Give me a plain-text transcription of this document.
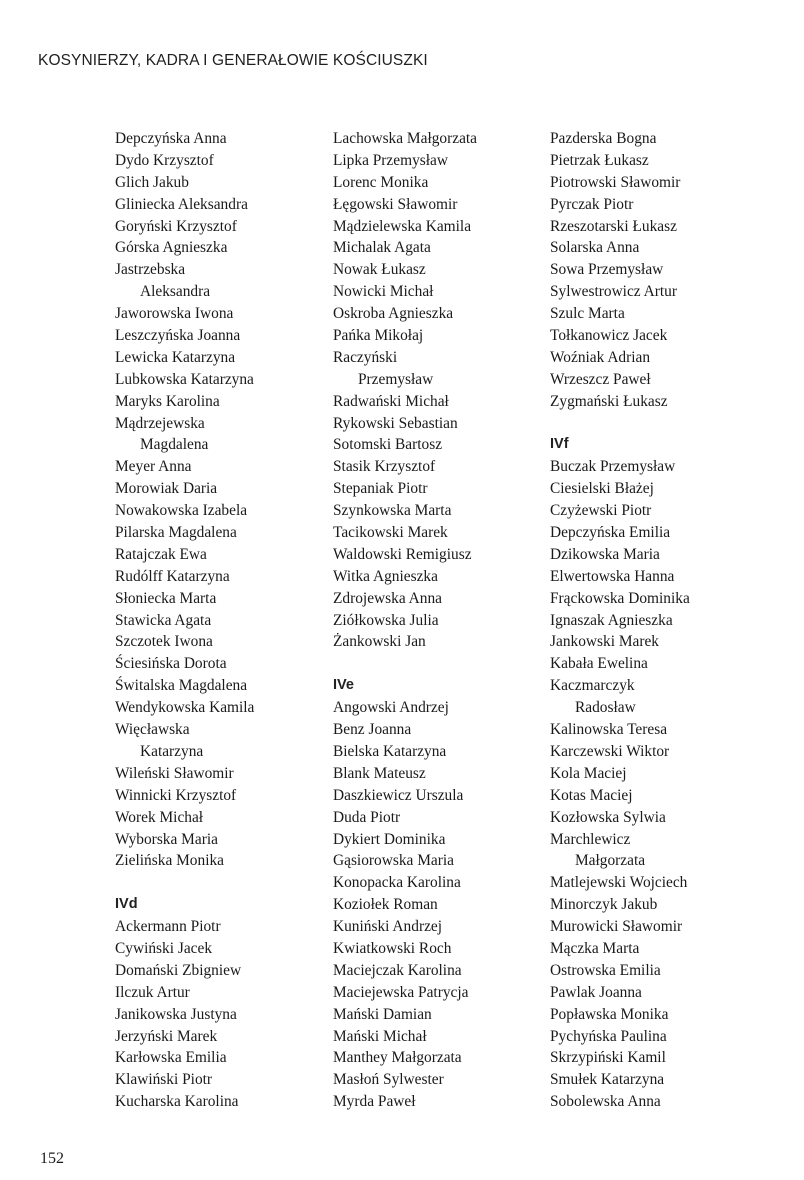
KOSYNIERZY, KADRA I GENERAŁOWIE KOŚCIUSZKI
Depczyńska Anna
Dydo Krzysztof
Glich Jakub
Gliniecka Aleksandra
Goryński Krzysztof
Górska Agnieszka
Jastrzebska
Aleksandra
Jaworowska Iwona
Leszczyńska Joanna
Lewicka Katarzyna
Lubkowska Katarzyna
Maryks Karolina
Mądrzejewska
Magdalena
Meyer Anna
Morowiak Daria
Nowakowska Izabela
Pilarska Magdalena
Ratajczak Ewa
Rudólff Katarzyna
Słoniecka Marta
Stawicka Agata
Szczotek Iwona
Ściesińska Dorota
Świtalska Magdalena
Wendykowska Kamila
Więcławska
Katarzyna
Wileński Sławomir
Winnicki Krzysztof
Worek Michał
Wyborska Maria
Zielińska Monika
IVd
Ackermann Piotr
Cywiński Jacek
Domański Zbigniew
Ilczuk Artur
Janikowska Justyna
Jerzyński Marek
Karłowska Emilia
Klawiński Piotr
Kucharska Karolina
Lachowska Małgorzata
Lipka Przemysław
Lorenc Monika
Łęgowski Sławomir
Mądzielewska Kamila
Michalak Agata
Nowak Łukasz
Nowicki Michał
Oskroba Agnieszka
Pańka Mikołaj
Raczyński
Przemysław
Radwański Michał
Rykowski Sebastian
Sotomski Bartosz
Stasik Krzysztof
Stepaniak Piotr
Szynkowska Marta
Tacikowski Marek
Waldowski Remigiusz
Witka Agnieszka
Zdrojewska Anna
Ziółkowska Julia
Żankowski Jan
IVe
Angowski Andrzej
Benz Joanna
Bielska Katarzyna
Blank Mateusz
Daszkiewicz Urszula
Duda Piotr
Dykiert Dominika
Gąsiorowska Maria
Konopacka Karolina
Koziołek Roman
Kuniński Andrzej
Kwiatkowski Roch
Maciejczak Karolina
Maciejewska Patrycja
Mański Damian
Mański Michał
Manthey Małgorzata
Masłoń Sylwester
Myrda Paweł
Pazderska Bogna
Pietrzak Łukasz
Piotrowski Sławomir
Pyrczak Piotr
Rzeszotarski Łukasz
Solarska Anna
Sowa Przemysław
Sylwestrowicz Artur
Szulc Marta
Tołkanowicz Jacek
Woźniak Adrian
Wrzeszcz Paweł
Zygmański Łukasz
IVf
Buczak Przemysław
Ciesielski Błażej
Czyżewski Piotr
Depczyńska Emilia
Dzikowska Maria
Elwertowska Hanna
Frąckowska Dominika
Ignaszak Agnieszka
Jankowski Marek
Kabała Ewelina
Kaczmarczyk
Radosław
Kalinowska Teresa
Karczewski Wiktor
Kola Maciej
Kotas Maciej
Kozłowska Sylwia
Marchlewicz
Małgorzata
Matlejewski Wojciech
Minorczyk Jakub
Murowicki Sławomir
Mączka Marta
Ostrowska Emilia
Pawlak Joanna
Popławska Monika
Pychyńska Paulina
Skrzypiński Kamil
Smułek Katarzyna
Sobolewska Anna
152
